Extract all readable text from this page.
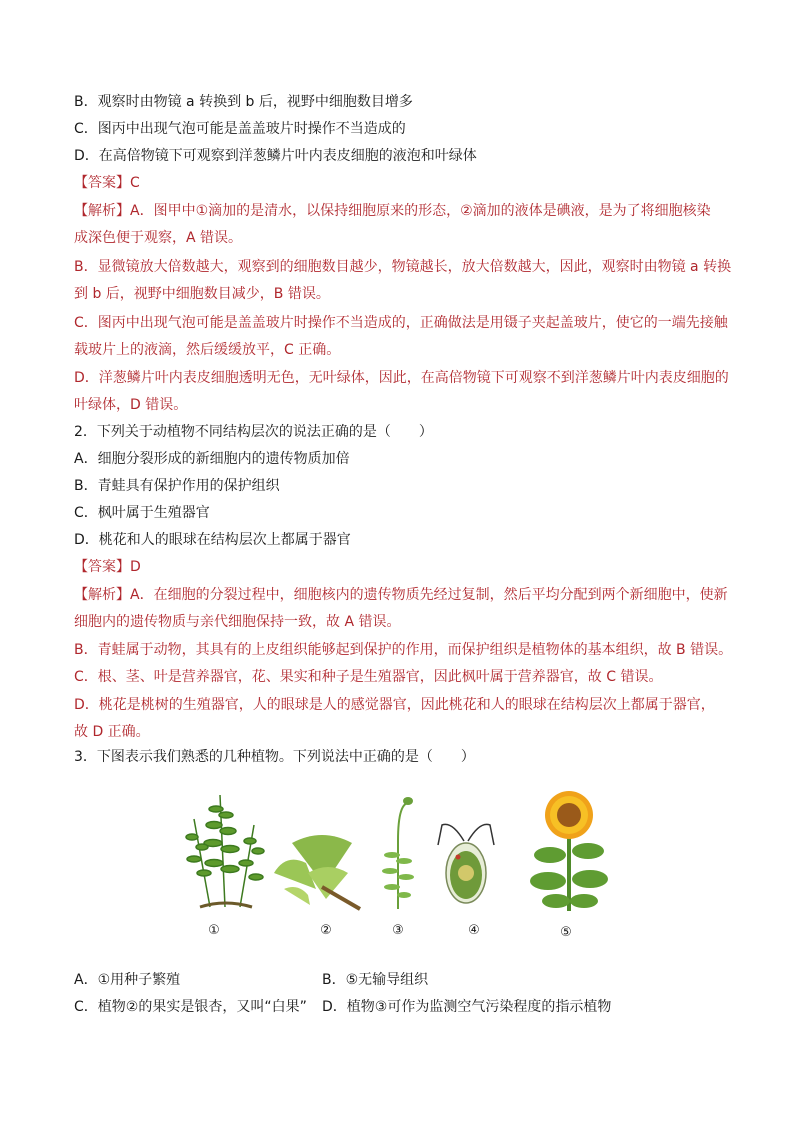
B．观察时由物镜 a 转换到 b 后，视野中细胞数目增多
C．图丙中出现气泡可能是盖盖玻片时操作不当造成的
D．在高倍物镜下可观察到洋葱鳞片叶内表皮细胞的液泡和叶绿体
【答案】C
【解析】A．图甲中①滴加的是清水，以保持细胞原来的形态，②滴加的液体是碘液，是为了将细胞核染
成深色便于观察，A 错误。
B．显微镜放大倍数越大，观察到的细胞数目越少，物镜越长，放大倍数越大，因此，观察时由物镜 a 转换
到 b 后，视野中细胞数目减少，B 错误。
C．图丙中出现气泡可能是盖盖玻片时操作不当造成的，正确做法是用镊子夹起盖玻片，使它的一端先接触
载玻片上的液滴，然后缓缓放平，C 正确。
D．洋葱鳞片叶内表皮细胞透明无色，无叶绿体，因此，在高倍物镜下可观察不到洋葱鳞片叶内表皮细胞的
叶绿体，D 错误。
2．下列关于动植物不同结构层次的说法正确的是（　　）
A．细胞分裂形成的新细胞内的遗传物质加倍
B．青蛙具有保护作用的保护组织
C．枫叶属于生殖器官
D．桃花和人的眼球在结构层次上都属于器官
【答案】D
【解析】A．在细胞的分裂过程中，细胞核内的遗传物质先经过复制，然后平均分配到两个新细胞中，使新
细胞内的遗传物质与亲代细胞保持一致，故 A 错误。
B．青蛙属于动物，其具有的上皮组织能够起到保护的作用，而保护组织是植物体的基本组织，故 B 错误。
C．根、茎、叶是营养器官，花、果实和种子是生殖器官，因此枫叶属于营养器官，故 C 错误。
D．桃花是桃树的生殖器官，人的眼球是人的感觉器官，因此桃花和人的眼球在结构层次上都属于器官，
故 D 正确。
3．下图表示我们熟悉的几种植物。下列说法中正确的是（　　）
①	②	③	④	⑤
A．①用种子繁殖	B．⑤无输导组织
C．植物②的果实是银杏，又叫“白果” D．植物③可作为监测空气污染程度的指示植物
